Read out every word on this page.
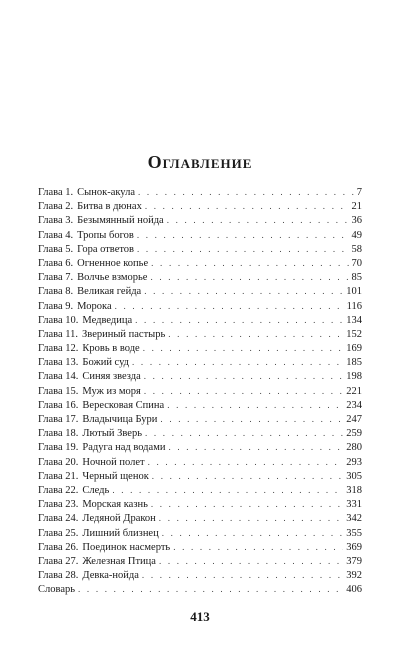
Оглавление
Глава 1. Сынок-акула . . .	7
Глава 2. Битва в дюнах . . .	21
Глава 3. Безымянный нойда . . .	36
Глава 4. Тропы богов . . .	49
Глава 5. Гора ответов . . .	58
Глава 6. Огненное копье . . .	70
Глава 7. Волчье взморье . . .	85
Глава 8. Великая гейда . . .	101
Глава 9. Морока . . .	116
Глава 10. Медведица . . .	134
Глава 11. Звериный пастырь . . .	152
Глава 12. Кровь в воде . . .	169
Глава 13. Божий суд . . .	185
Глава 14. Синяя звезда . . .	198
Глава 15. Муж из моря . . .	221
Глава 16. Вересковая Спина . . .	234
Глава 17. Владычица Бури . . .	247
Глава 18. Лютый Зверь . . .	259
Глава 19. Радуга над водами . . .	280
Глава 20. Ночной полет . . .	293
Глава 21. Черный щенок . . .	305
Глава 22. Следь . . .	318
Глава 23. Морская казнь . . .	331
Глава 24. Ледяной Дракон . . .	342
Глава 25. Лишний близнец . . .	355
Глава 26. Поединок насмерть . . .	369
Глава 27. Железная Птица . . .	379
Глава 28. Девка-нойда . . .	392
Словарь . . .	406
413
